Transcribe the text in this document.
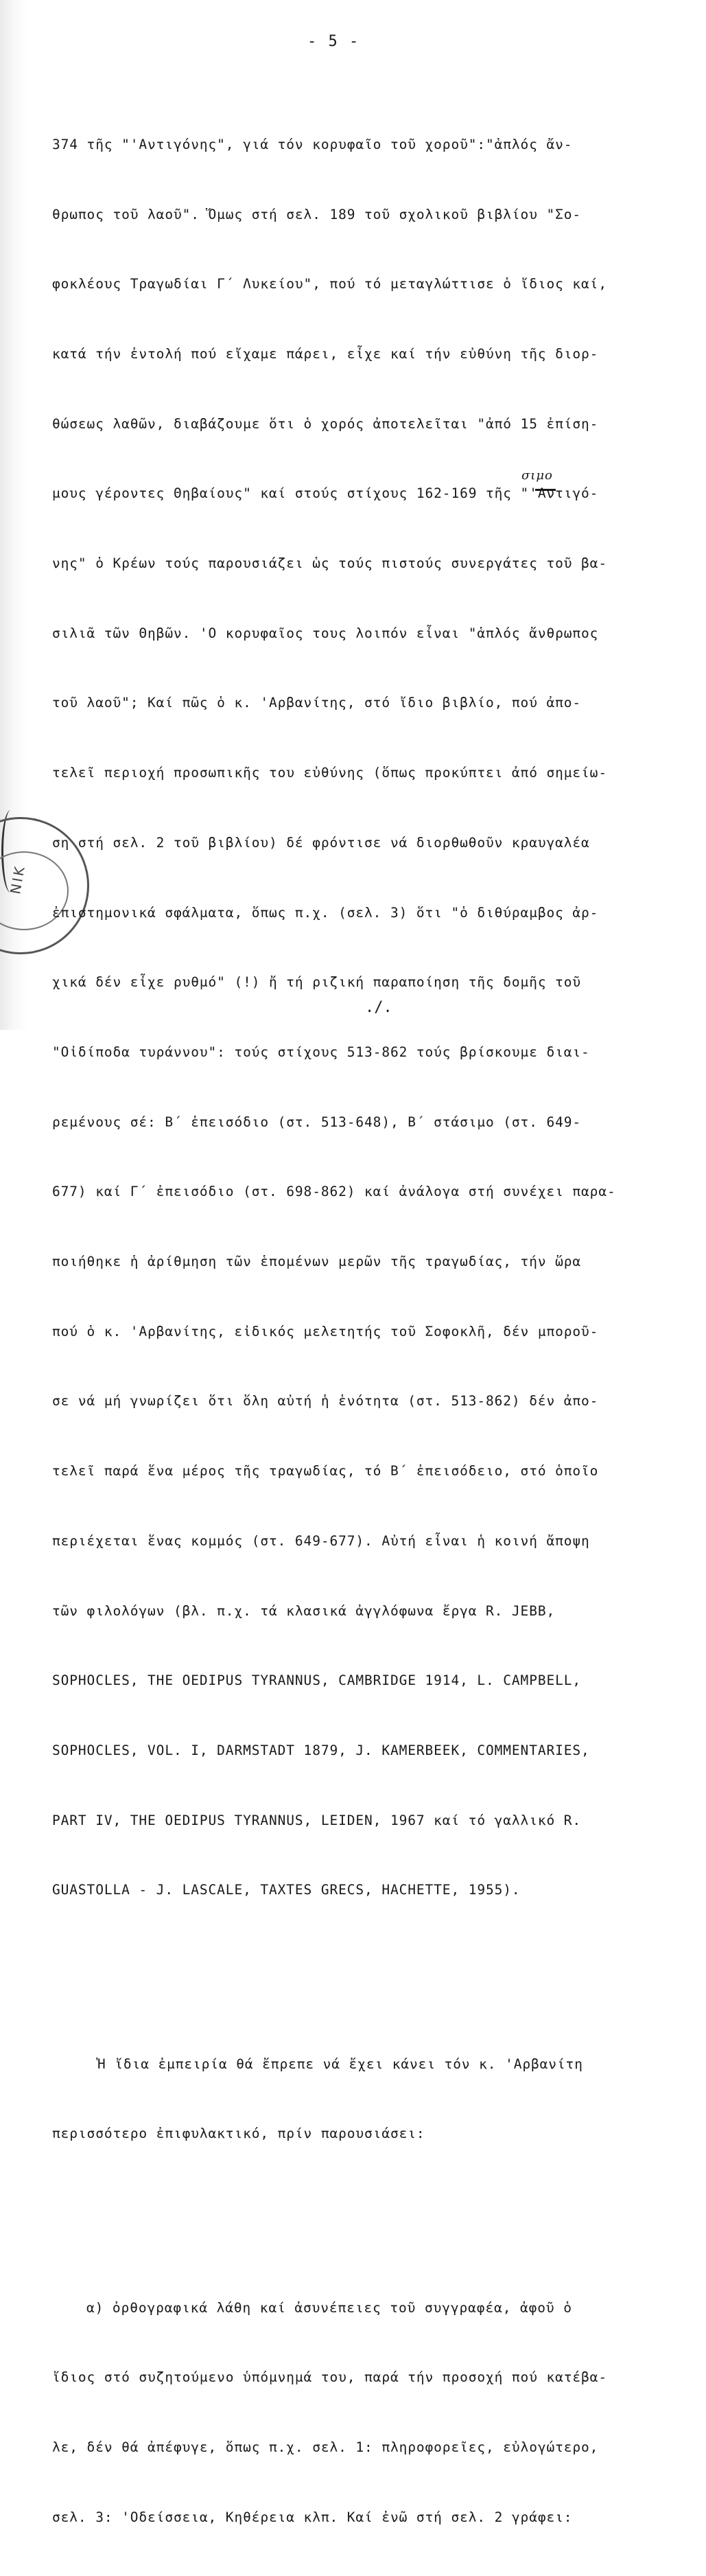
ΝΙΚ
- 5 -
σιμο

374 τῆς "'Αντιγόνης", γιά τόν κορυφαῖο τοῦ χοροῦ":"ἁπλός ἄν-

θρωπος τοῦ λαοῦ". Ὅμως στή σελ. 189 τοῦ σχολικοῦ βιβλίου "Σο-

φοκλέους Τραγωδίαι Γ΄ Λυκείου", πού τό μεταγλώττισε ὁ ἴδιος καί,

κατά τήν ἐντολή πού εἴχαμε πάρει, εἶχε καί τήν εὐθύνη τῆς διορ-

θώσεως λαθῶν, διαβάζουμε ὅτι ὁ χορός ἀποτελεῖται "ἀπό 15 ἐπίση-

μους γέροντες Θηβαίους" καί στούς στίχους 162-169 τῆς "'Αντιγό-

νης" ὁ Κρέων τούς παρουσιάζει ὡς τούς πιστούς συνεργάτες τοῦ βα-

σιλιᾶ τῶν Θηβῶν. 'Ο κορυφαῖος τους λοιπόν εἶναι "ἁπλός ἄνθρωπος

τοῦ λαοῦ"; Καί πῶς ὁ κ. 'Αρβανίτης, στό ἴδιο βιβλίο, πού ἀπο-

τελεῖ περιοχή προσωπικῆς του εὐθύνης (ὅπως προκύπτει ἀπό σημείω-

ση στή σελ. 2 τοῦ βιβλίου) δέ φρόντισε νά διορθωθοῦν κραυγαλέα

ἐπιστημονικά σφάλματα, ὅπως π.χ. (σελ. 3) ὅτι "ὁ διθύραμβος ἀρ-

χικά δέν εἶχε ρυθμό" (!) ἤ τή ριζική παραποίηση τῆς δομῆς τοῦ

"Οἰδίποδα τυράννου": τούς στίχους 513-862 τούς βρίσκουμε διαι-

ρεμένους σέ: Β΄ ἐπεισόδιο (στ. 513-648), Β΄ στάσιμο (στ. 649-

677) καί Γ΄ ἐπεισόδιο (στ. 698-862) καί ἀνάλογα στή συνέχει παρα-

ποιήθηκε ἡ ἀρίθμηση τῶν ἑπομένων μερῶν τῆς τραγωδίας, τήν ὥρα

πού ὁ κ. 'Αρβανίτης, εἰδικός μελετητής τοῦ Σοφοκλῆ, δέν μποροῦ-

σε νά μή γνωρίζει ὅτι ὅλη αὐτή ἡ ἑνότητα (στ. 513-862) δέν ἀπο-

τελεῖ παρά ἕνα μέρος τῆς τραγωδίας, τό Β΄ ἐπεισόδειο, στό ὁποῖο

περιέχεται ἕνας κομμός (στ. 649-677). Αὐτή εἶναι ἡ κοινή ἄποψη

τῶν φιλολόγων (βλ. π.χ. τά κλασικά ἀγγλόφωνα ἔργα R. JEBB,

SOPHOCLES, THE OEDIPUS TYRANNUS, CAMBRIDGE 1914, L. CAMPBELL,

SOPHOCLES, VOL. I, DARMSTADT 1879, J. KAMERBEEK, COMMENTARIES,

PART IV, THE OEDIPUS TYRANNUS, LEIDEN, 1967 καί τό γαλλικό R.

GUASTOLLA - J. LASCALE, TAXTES GRECS, HACHETTE, 1955).

Ἡ ἴδια ἐμπειρία θά ἔπρεπε νά ἔχει κάνει τόν κ. 'Αρβανίτη

περισσότερο ἐπιφυλακτικό, πρίν παρουσιάσει:

α) ὀρθογραφικά λάθη καί ἀσυνέπειες τοῦ συγγραφέα, ἀφοῦ ὁ

ἴδιος στό συζητούμενο ὑπόμνημά του, παρά τήν προσοχή πού κατέβα-

λε, δέν θά ἀπέφυγε, ὅπως π.χ. σελ. 1: πληροφορεῖες, εὐλογώτερο,

σελ. 3: 'Οδείσσεια, Κηθέρεια κλπ. Καί ἐνῶ στή σελ. 2 γράφει:

./.
